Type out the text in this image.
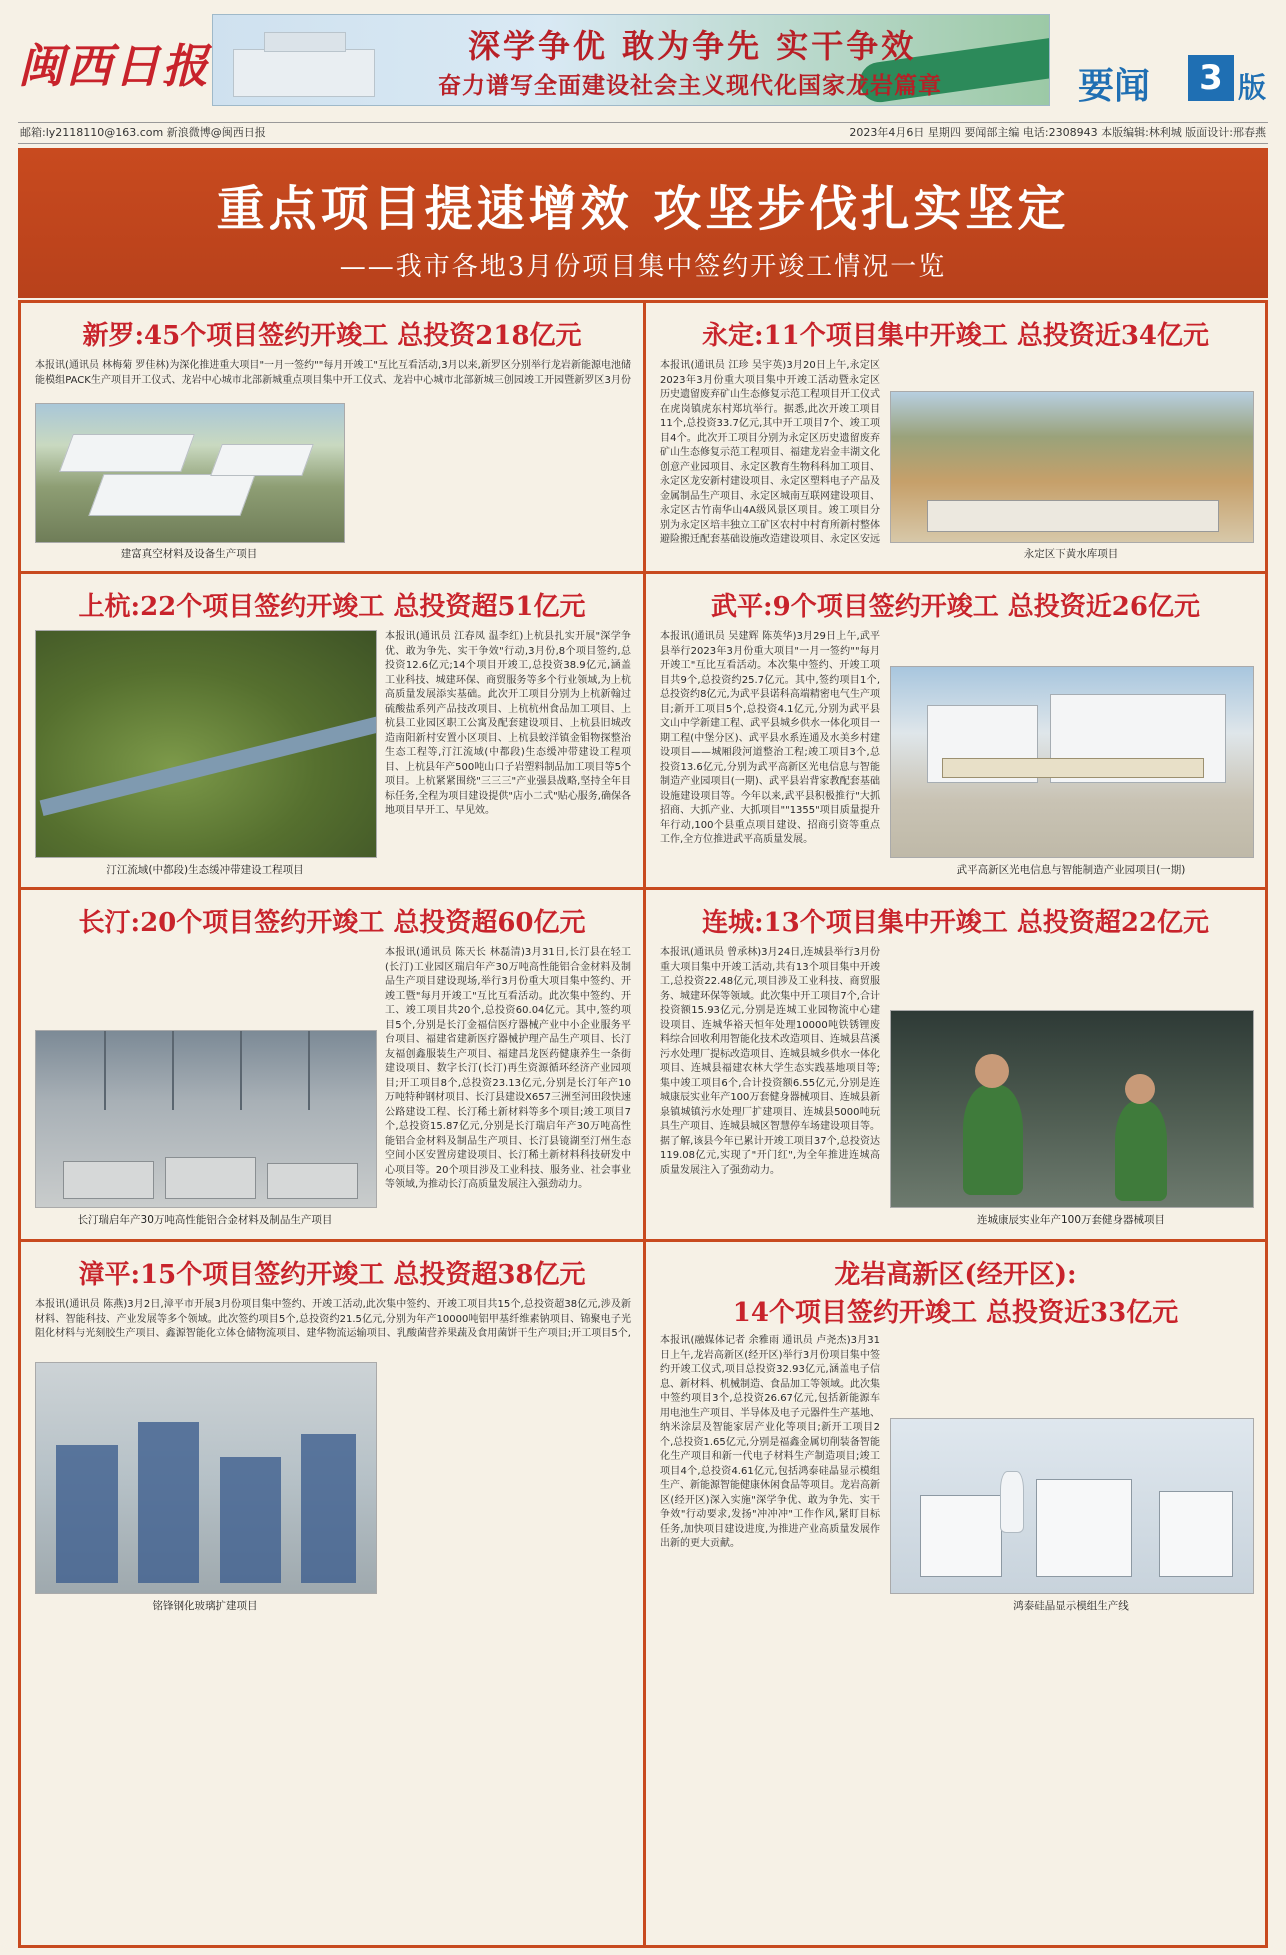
闽西日报	深学争优 敢为争先 实干争效
奋力谱写全面建设社会主义现代化国家龙岩篇章	要闻	3 版
邮箱:ly2118110@163.com 新浪微博@闽西日报	2023年4月6日 星期四 要闻部主编 电话:2308943 本版编辑:林利城 版面设计:邢春燕
重点项目提速增效 攻坚步伐扎实坚定
——我市各地3月份项目集中签约开竣工情况一览
新罗:45个项目签约开竣工 总投资218亿元
本报讯(通讯员 林梅菊 罗佳林)为深化推进重大项目"一月一签约""每月开竣工"互比互看活动,3月以来,新罗区分别举行龙岩新能源电池储能模组PACK生产项目开工仪式、龙岩中心城市北部新城重点项目集中开工仪式、龙岩中心城市北部新城三创园竣工开园暨新罗区3月份
建富真空材料及设备生产项目
永定:11个项目集中开竣工 总投资近34亿元
本报讯(通讯员 江珍 吴宇英)3月20日上午,永定区2023年3月份重大项目集中开竣工活动暨永定区历史遗留废弃矿山生态修复示范工程项目开工仪式在虎岗镇虎东村郑坑举行。据悉,此次开竣工项目11个,总投资33.7亿元,其中开工项目7个、竣工项目4个。此次开工项目分别为永定区历史遗留废弃矿山生态修复示范工程项目、福建龙岩金丰湖文化创意产业园项目、永定区教育生物科科加工项目、永定区龙安新村建设项目、永定区塑料电子产品及金属制品生产项目、永定区城南互联网建设项目、永定区古竹南华山4A级风景区项目。竣工项目分别为永定区培丰独立工矿区农村中村育所新村整体避险搬迁配套基础设施改造建设项目、永定区安远
永定区下黄水库项目
上杭:22个项目签约开竣工 总投资超51亿元
汀江流域(中都段)生态缓冲带建设工程项目
本报讯(通讯员 江春凤 温李红)上杭县扎实开展"深学争优、敢为争先、实干争效"行动,3月份,8个项目签约,总投资12.6亿元;14个项目开竣工,总投资38.9亿元,涵盖工业科技、城建环保、商贸服务等多个行业领域,为上杭高质量发展添实基础。此次开工项目分别为上杭新翰过硫酸盐系列产品技改项目、上杭杭州食品加工项目、上杭县工业园区职工公寓及配套建设项目、上杭县旧城改造南阳新村安置小区项目、上杭县蛟洋镇金钼物探整治生态工程等,汀江流域(中都段)生态缓冲带建设工程项目、上杭县年产500吨山口子岩塑料制品加工项目等5个项目。上杭紧紧围绕"三三三"产业强县战略,坚持全年目标任务,全程为项目建设提供"店小二式"贴心服务,确保各地项目早开工、早见效。
武平:9个项目签约开竣工 总投资近26亿元
本报讯(通讯员 吴建辉 陈英华)3月29日上午,武平县举行2023年3月份重大项目"一月一签约""每月开竣工"互比互看活动。本次集中签约、开竣工项目共9个,总投资约25.7亿元。其中,签约项目1个,总投资约8亿元,为武平县诺科高端精密电气生产项目;新开工项目5个,总投资4.1亿元,分别为武平县文山中学新建工程、武平县城乡供水一体化项目一期工程(中堡分区)、武平县水系连通及水美乡村建设项目——城厢段河道整治工程;竣工项目3个,总投资13.6亿元,分别为武平高新区光电信息与智能制造产业园项目(一期)、武平县岩背家教配套基础设施建设项目等。今年以来,武平县积极推行"大抓招商、大抓产业、大抓项目""1355"项目质量提升年行动,100个县重点项目建设、招商引资等重点工作,全方位推进武平高质量发展。
武平高新区光电信息与智能制造产业园项目(一期)
长汀:20个项目签约开竣工 总投资超60亿元
长汀瑞启年产30万吨高性能铝合金材料及制品生产项目
本报讯(通讯员 陈天长 林磊清)3月31日,长汀县在轻工(长汀)工业园区瑞启年产30万吨高性能铝合金材料及制品生产项目建设现场,举行3月份重大项目集中签约、开竣工暨"每月开竣工"互比互看活动。此次集中签约、开工、竣工项目共20个,总投资60.04亿元。其中,签约项目5个,分别是长汀金福信医疗器械产业中小企业服务平台项目、福建省建新医疗器械护理产品生产项目、长汀友福创鑫服装生产项目、福建昌龙医药健康养生一条街建设项目、数字长汀(长汀)再生资源循环经济产业园项目;开工项目8个,总投资23.13亿元,分别是长汀年产10万吨特种钢材项目、长汀县建设X657三洲至河田段快速公路建设工程、长汀稀土新材料等多个项目;竣工项目7个,总投资15.87亿元,分别是长汀瑞启年产30万吨高性能铝合金材料及制品生产项目、长汀县镜湖至汀州生态空间小区安置房建设项目、长汀稀土新材料科技研发中心项目等。20个项目涉及工业科技、服务业、社会事业等领域,为推动长汀高质量发展注入强劲动力。
连城:13个项目集中开竣工 总投资超22亿元
本报讯(通讯员 曾承林)3月24日,连城县举行3月份重大项目集中开竣工活动,共有13个项目集中开竣工,总投资22.48亿元,项目涉及工业科技、商贸服务、城建环保等领域。此次集中开工项目7个,合计投资额15.93亿元,分别是连城工业园物流中心建设项目、连城华裕天恒年处理10000吨铁锈锂废料综合回收利用智能化技术改造项目、连城县莒溪污水处理厂提标改造项目、连城县城乡供水一体化项目、连城县福建农林大学生态实践基地项目等;集中竣工项目6个,合计投资额6.55亿元,分别是连城康辰实业年产100万套健身器械项目、连城县新泉镇城镇污水处理厂扩建项目、连城县5000吨玩具生产项目、连城县城区智慧停车场建设项目等。据了解,该县今年已累计开竣工项目37个,总投资达119.08亿元,实现了"开门红",为全年推进连城高质量发展注入了强劲动力。
连城康辰实业年产100万套健身器械项目
漳平:15个项目签约开竣工 总投资超38亿元
本报讯(通讯员 陈燕)3月2日,漳平市开展3月份项目集中签约、开竣工活动,此次集中签约、开竣工项目共15个,总投资超38亿元,涉及新材料、智能科技、产业发展等多个领域。此次签约项目5个,总投资约21.5亿元,分别为年产10000吨铝甲基纤维素钠项目、锦聚电子光阻化材料与光刻胶生产项目、鑫源智能化立体仓储物流项目、建华物流运输项目、乳酸菌营养果蔬及食用菌饼干生产项目;开工项目5个,
铭锋钢化玻璃扩建项目
龙岩高新区(经开区):
14个项目签约开竣工 总投资近33亿元
本报讯(融媒体记者 余雅雨 通讯员 卢尧杰)3月31日上午,龙岩高新区(经开区)举行3月份项目集中签约开竣工仪式,项目总投资32.93亿元,涵盖电子信息、新材料、机械制造、食品加工等领域。此次集中签约项目3个,总投资26.67亿元,包括新能源车用电池生产项目、半导体及电子元器件生产基地、纳米涂层及智能家居产业化等项目;新开工项目2个,总投资1.65亿元,分别是福鑫金属切削装备智能化生产项目和新一代电子材料生产制造项目;竣工项目4个,总投资4.61亿元,包括鸿泰硅晶显示模组生产、新能源智能健康休闲食品等项目。龙岩高新区(经开区)深入实施"深学争优、敢为争先、实干争效"行动要求,发扬"冲冲冲"工作作风,紧盯目标任务,加快项目建设进度,为推进产业高质量发展作出新的更大贡献。
鸿泰硅晶显示模组生产线
